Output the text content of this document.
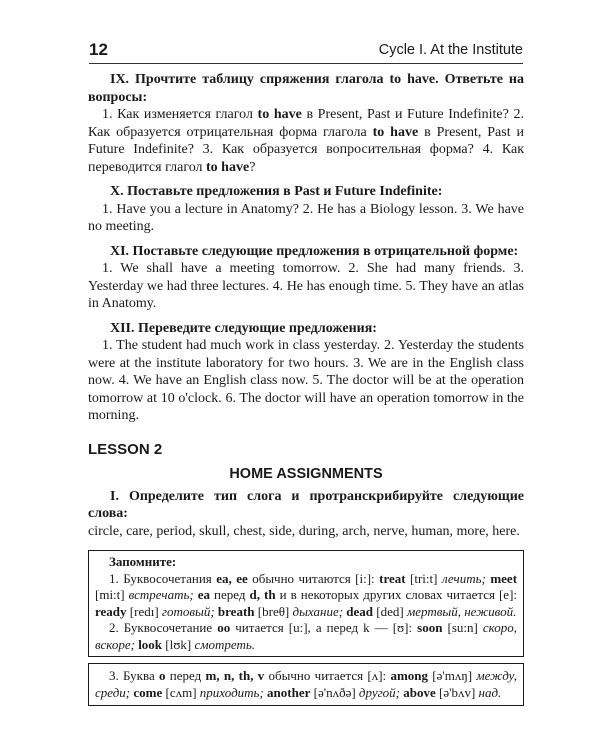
12	Cycle I. At the Institute

IX. Прочтите таблицу спряжения глагола to have. Ответьте на вопросы:

1. Как изменяется глагол to have в Present, Past и Future Indefinite? 2. Как образуется отрицательная форма глагола to have в Present, Past и Future Indefinite? 3. Как образуется вопросительная форма? 4. Как переводится глагол to have?

X. Поставьте предложения в Past и Future Indefinite:

1. Have you a lecture in Anatomy? 2. He has a Biology lesson. 3. We have no meeting.

XI. Поставьте следующие предложения в отрицательной форме:

1. We shall have a meeting tomorrow. 2. She had many friends. 3. Yesterday we had three lectures. 4. He has enough time. 5. They have an atlas in Anatomy.

XII. Переведите следующие предложения:

1. The student had much work in class yesterday. 2. Yesterday the students were at the institute laboratory for two hours. 3. We are in the English class now. 4. We have an English class now. 5. The doctor will be at the operation tomorrow at 10 o'clock. 6. The doctor will have an operation tomorrow in the morning.

LESSON 2
HOME ASSIGNMENTS

I. Определите тип слога и протранскрибируйте следующие слова:

circle, care, period, skull, chest, side, during, arch, nerve, human, more, here.

Запомните:

1. Буквосочетания ea, ee обычно читаются [i:]: treat [tri:t] лечить; meet [mi:t] встречать; ea перед d, th и в некоторых других словах читается [e]: ready [redı] готовый; breath [breθ] дыхание; dead [ded] мертвый, неживой.

2. Буквосочетание oo читается [u:], а перед k — [ʊ]: soon [su:n] скоро, вскоре; look [lʊk] смотреть.

3. Буква o перед m, n, th, v обычно читается [ʌ]: among [ə'mʌŋ] между, среди; come [cʌm] приходить; another [ə'nʌðə] другой; above [ə'bʌv] над.
